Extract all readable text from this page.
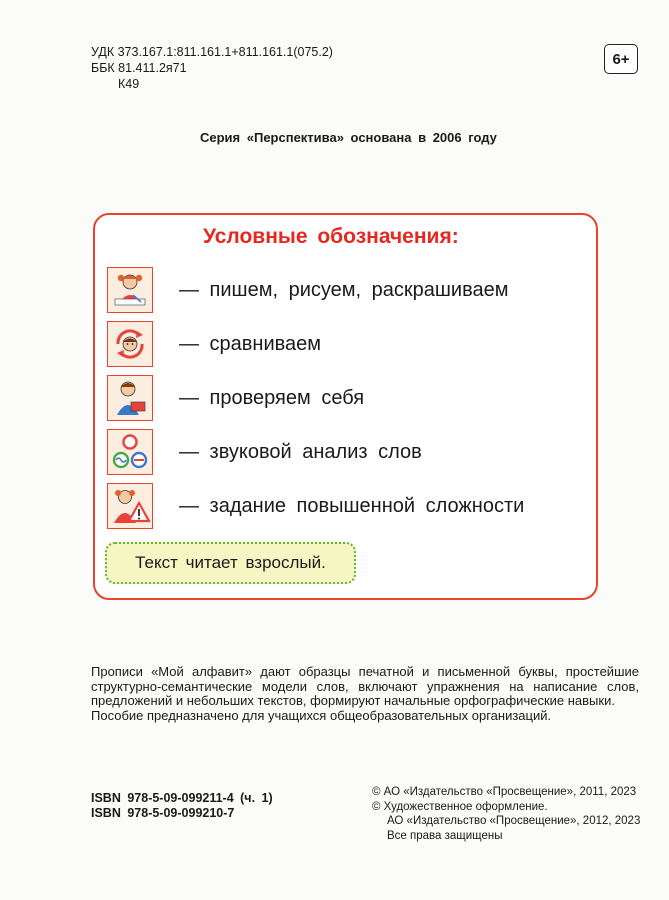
УДК 373.167.1:811.161.1+811.161.1(075.2)
ББК 81.411.2я71
К49
6+
Серия «Перспектива» основана в 2006 году
Условные обозначения:
— пишем, рисуем, раскрашиваем
— сравниваем
— проверяем себя
— звуковой анализ слов
— задание повышенной сложности
Текст читает взрослый.

Прописи «Мой алфавит» дают образцы печатной и письменной буквы, простейшие структурно-семантические модели слов, включают упражнения на написание слов, предложений и небольших текстов, формируют начальные орфографические навыки.

Пособие предназначено для учащихся общеобразовательных организаций.

ISBN 978-5-09-099211-4 (ч. 1)
ISBN 978-5-09-099210-7
© АО «Издательство «Просвещение», 2011, 2023
© Художественное оформление.
АО «Издательство «Просвещение», 2012, 2023
Все права защищены
